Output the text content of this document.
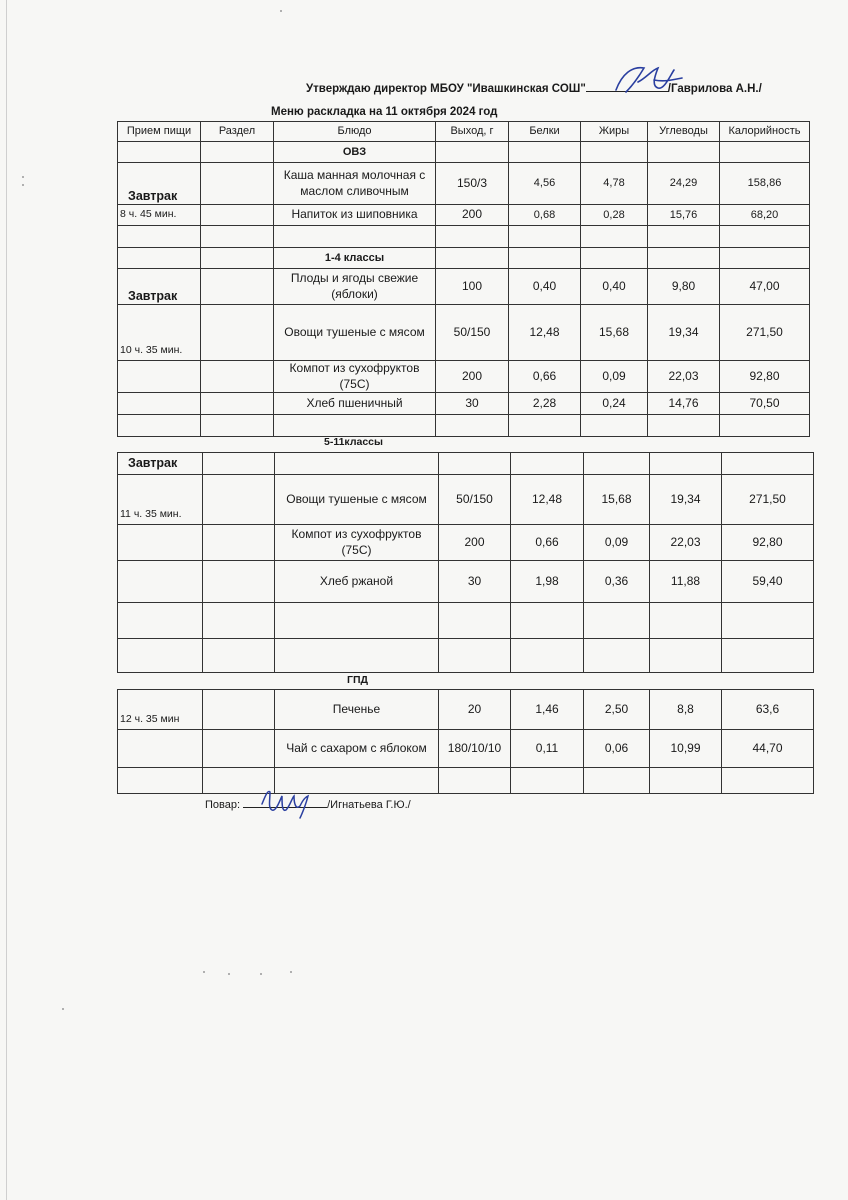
Утверждаю директор МБОУ "Ивашкинская СОШ"	/Гаврилова А.Н./
Меню раскладка на 11 октября 2024 год
Прием пищи	Раздел	Блюдо	Выход, г	Белки	Жиры	Углеводы	Калорийность
		ОВЗ					
Завтрак		Каша манная молочная с маслом сливочным	150/3	4,56	4,78	24,29	158,86
8 ч. 45 мин.		Напиток из шиповника	200	0,68	0,28	15,76	68,20

		1-4 классы					
Завтрак		Плоды и ягоды свежие (яблоки)	100	0,40	0,40	9,80	47,00
10 ч. 35 мин.		Овощи тушеные с мясом	50/150	12,48	15,68	19,34	271,50
		Компот из сухофруктов (75С)	200	0,66	0,09	22,03	92,80
		Хлеб пшеничный	30	2,28	0,24	14,76	70,50

5-11классы
Завтрак							
11 ч. 35 мин.		Овощи тушеные с мясом	50/150	12,48	15,68	19,34	271,50
		Компот из сухофруктов (75С)	200	0,66	0,09	22,03	92,80
		Хлеб ржаной	30	1,98	0,36	11,88	59,40

ГПД
12 ч. 35 мин		Печенье	20	1,46	2,50	8,8	63,6
		Чай с сахаром с яблоком	180/10/10	0,11	0,06	10,99	44,70

Повар:	/Игнатьева Г.Ю./
